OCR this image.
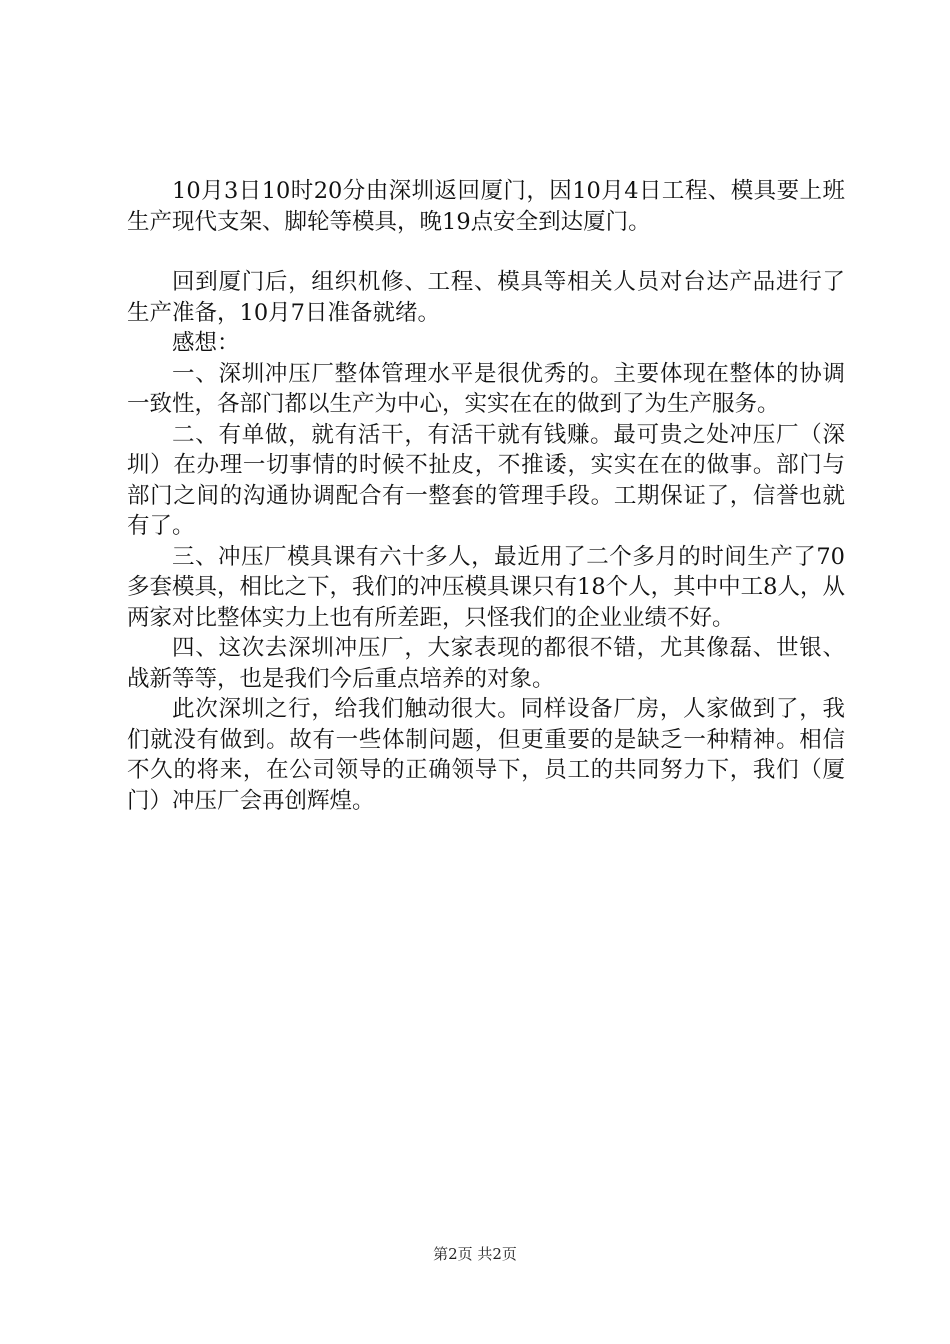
10月3日10时20分由深圳返回厦门，因10月4日工程、模具要上班生产现代支架、脚轮等模具，晚19点安全到达厦门。

回到厦门后，组织机修、工程、模具等相关人员对台达产品进行了生产准备，10月7日准备就绪。

感想：

一、深圳冲压厂整体管理水平是很优秀的。主要体现在整体的协调一致性，各部门都以生产为中心，实实在在的做到了为生产服务。

二、有单做，就有活干，有活干就有钱赚。最可贵之处冲压厂（深圳）在办理一切事情的时候不扯皮，不推诿，实实在在的做事。部门与部门之间的沟通协调配合有一整套的管理手段。工期保证了，信誉也就有了。

三、冲压厂模具课有六十多人，最近用了二个多月的时间生产了70多套模具，相比之下，我们的冲压模具课只有18个人，其中中工8人，从两家对比整体实力上也有所差距，只怪我们的企业业绩不好。

四、这次去深圳冲压厂，大家表现的都很不错，尤其像磊、世银、战新等等，也是我们今后重点培养的对象。

此次深圳之行，给我们触动很大。同样设备厂房，人家做到了，我们就没有做到。故有一些体制问题，但更重要的是缺乏一种精神。相信不久的将来，在公司领导的正确领导下，员工的共同努力下，我们（厦门）冲压厂会再创辉煌。

第2页 共2页
